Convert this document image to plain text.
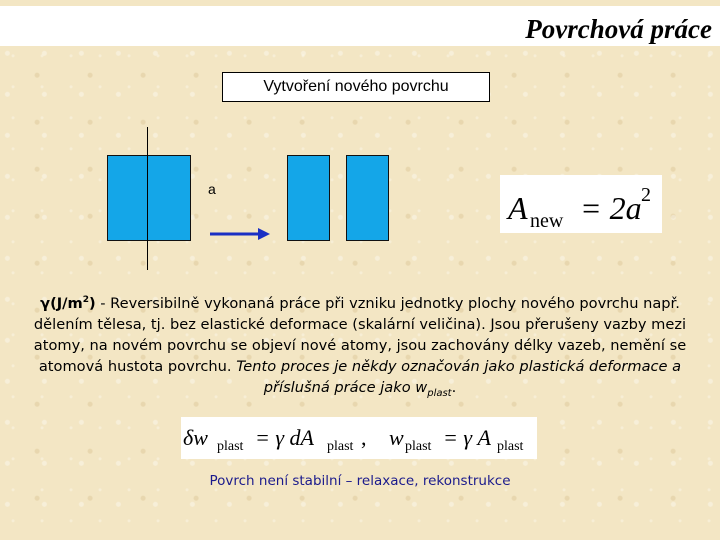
Povrchová práce
Vytvoření nového povrchu
a
A new = 2a 2
$\gamma(J/m^2)$ - Reversibilně vykonaná práce při vzniku jednotky plochy nového povrchu např. dělením tělesa, tj. bez elastické deformace (skalární veličina). Jsou přerušeny vazby mezi atomy, na novém povrchu se objeví nové atomy, jsou zachovány délky vazeb, nemění se atomová hustota povrchu. Tento proces je někdy označován jako plastická deformace a příslušná práce jako $w_{plast}$.
δw plast = γ dA plast , w plast = γ A plast
Povrch není stabilní – relaxace, rekonstrukce
